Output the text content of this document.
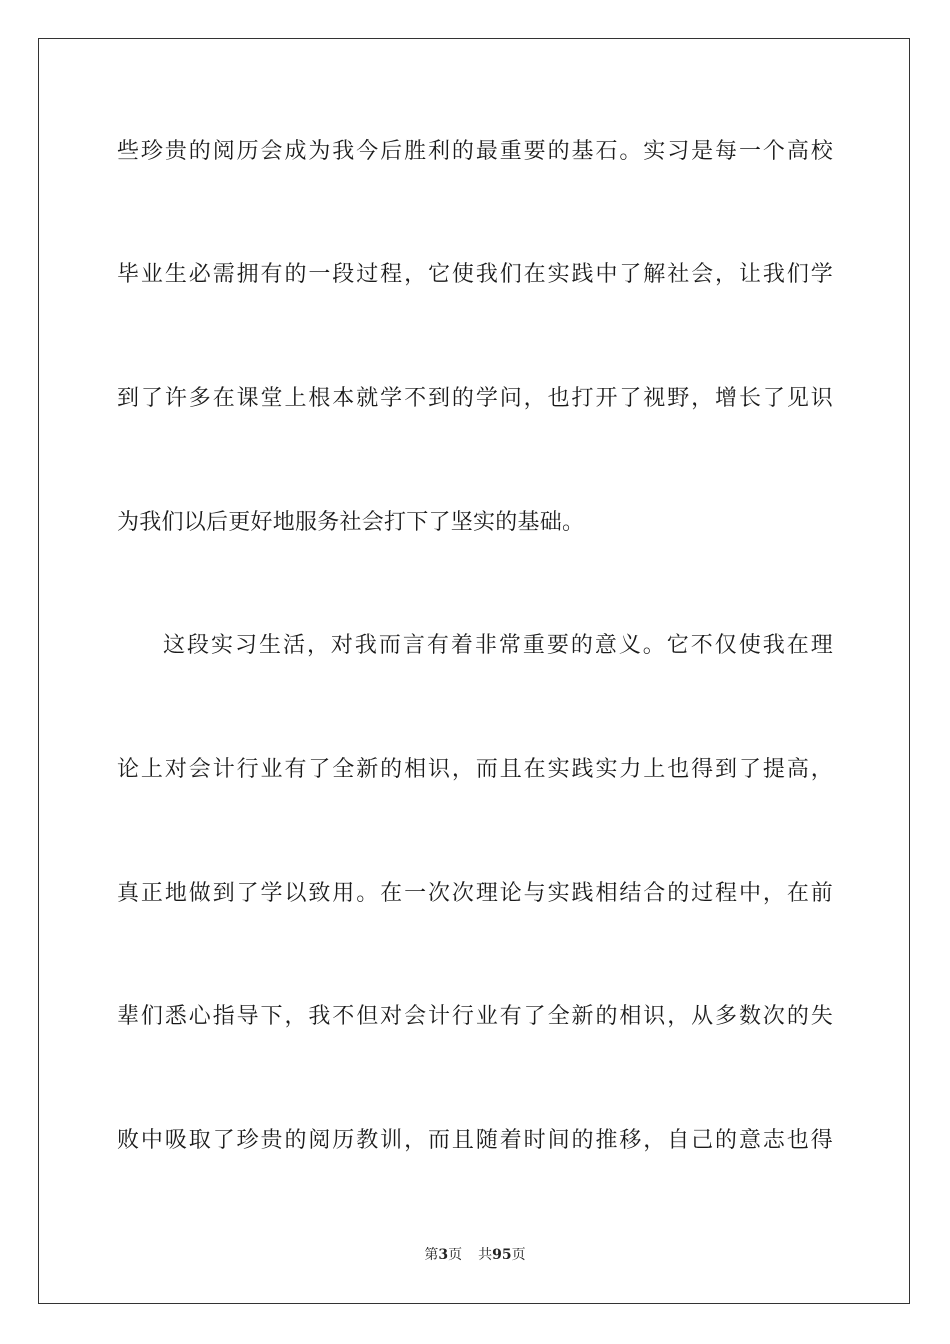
些珍贵的阅历会成为我今后胜利的最重要的基石。实习是每一个高校
毕业生必需拥有的一段过程，它使我们在实践中了解社会，让我们学
到了许多在课堂上根本就学不到的学问，也打开了视野，增长了见识
为我们以后更好地服务社会打下了坚实的基础。
这段实习生活，对我而言有着非常重要的意义。它不仅使我在理
论上对会计行业有了全新的相识，而且在实践实力上也得到了提高，
真正地做到了学以致用。在一次次理论与实践相结合的过程中，在前
辈们悉心指导下，我不但对会计行业有了全新的相识，从多数次的失
败中吸取了珍贵的阅历教训，而且随着时间的推移，自己的意志也得
第3页 共95页
